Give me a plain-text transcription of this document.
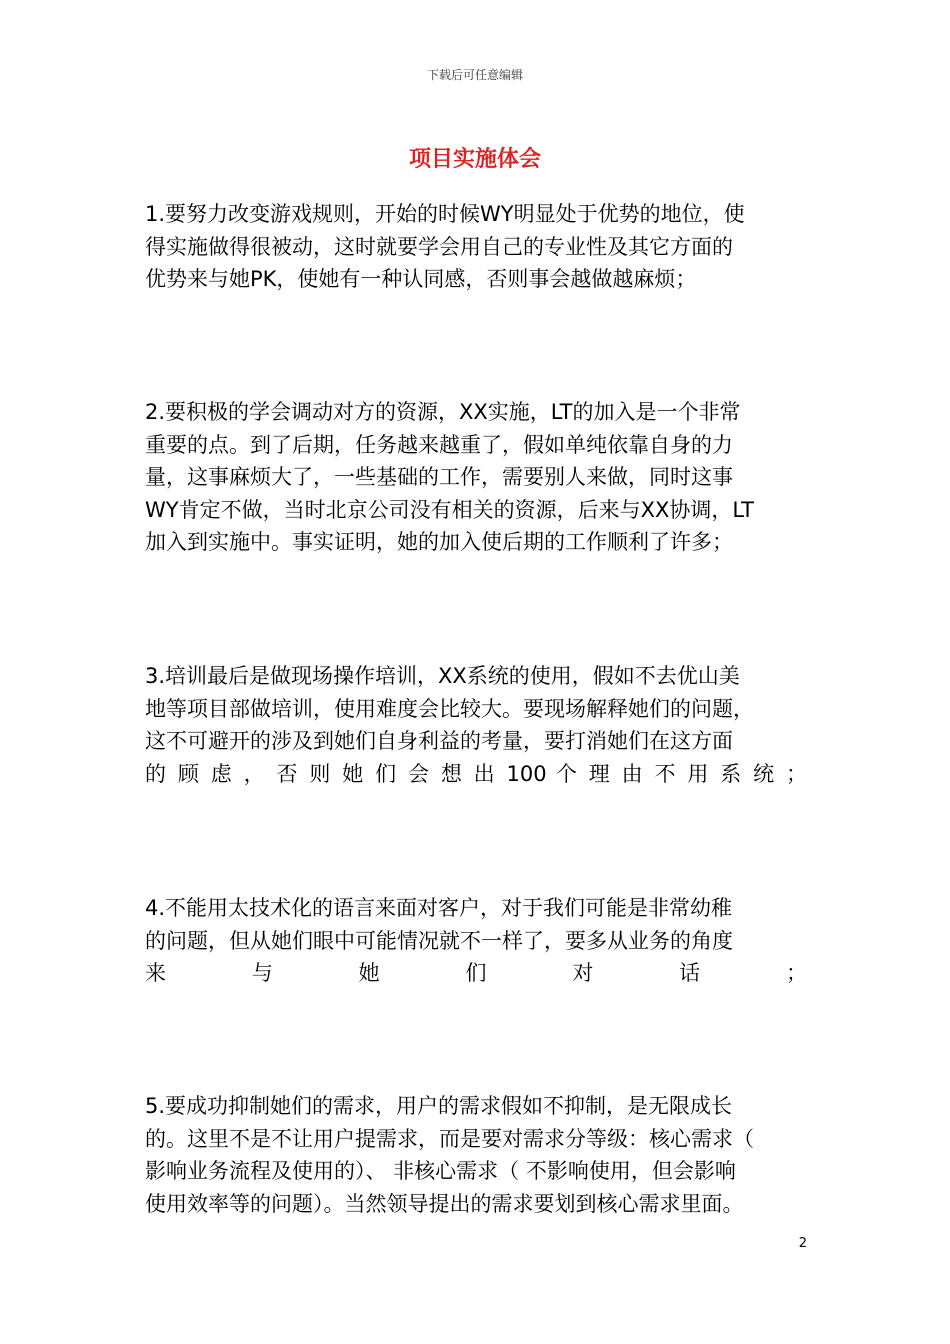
下载后可任意编辑
项目实施体会
1.要努力改变游戏规则，开始的时候WY明显处于优势的地位，使
得实施做得很被动，这时就要学会用自己的专业性及其它方面的
优势来与她PK，使她有一种认同感，否则事会越做越麻烦；
2.要积极的学会调动对方的资源，XX实施，LT的加入是一个非常
重要的点。到了后期，任务越来越重了，假如单纯依靠自身的力
量，这事麻烦大了，一些基础的工作，需要别人来做，同时这事
WY肯定不做，当时北京公司没有相关的资源，后来与XX协调，LT
加入到实施中。事实证明，她的加入使后期的工作顺利了许多；
3.培训最后是做现场操作培训，XX系统的使用，假如不去优山美
地等项目部做培训，使用难度会比较大。要现场解释她们的问题，
这不可避开的涉及到她们自身利益的考量，要打消她们在这方面
的 顾 虑 ， 否 则 她 们 会 想 出 100 个 理 由 不 用 系 统 ；
4.不能用太技术化的语言来面对客户，对于我们可能是非常幼稚
的问题，但从她们眼中可能情况就不一样了，要多从业务的角度
来 与 她 们 对 话 ；
5.要成功抑制她们的需求，用户的需求假如不抑制，是无限成长
的。这里不是不让用户提需求，而是要对需求分等级：核心需求（
影响业务流程及使用的）、 非核心需求（ 不影响使用，但会影响
使用效率等的问题）。当然领导提出的需求要划到核心需求里面。
2
